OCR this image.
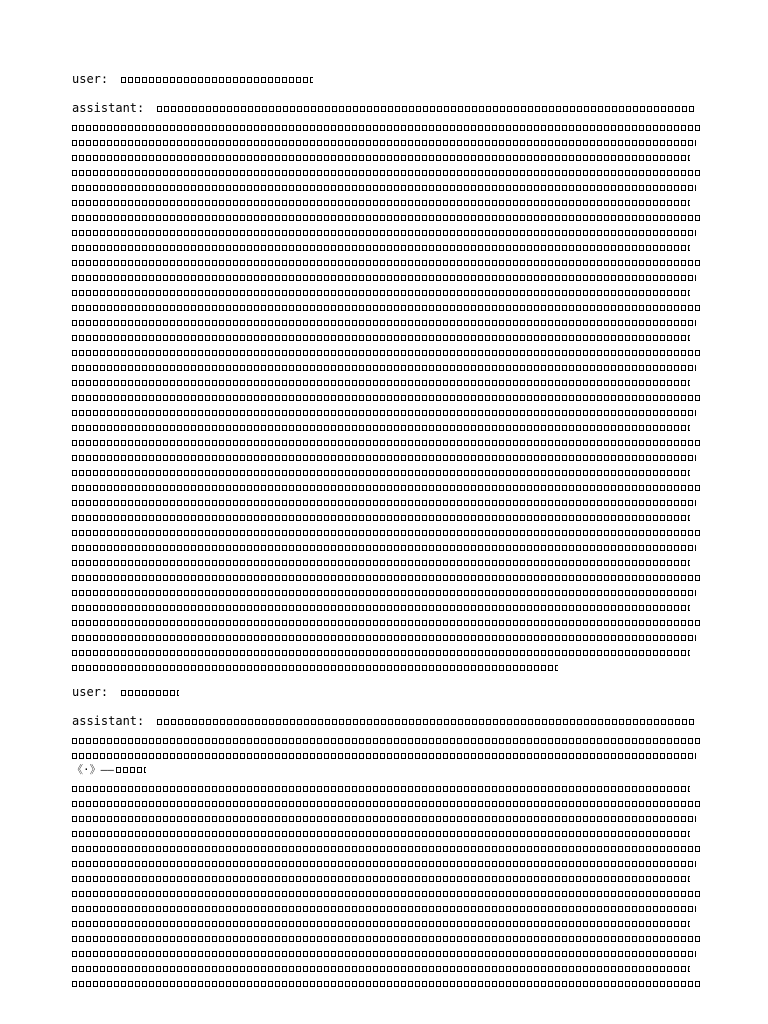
user:
assistant:
user:
assistant:
《·》——
